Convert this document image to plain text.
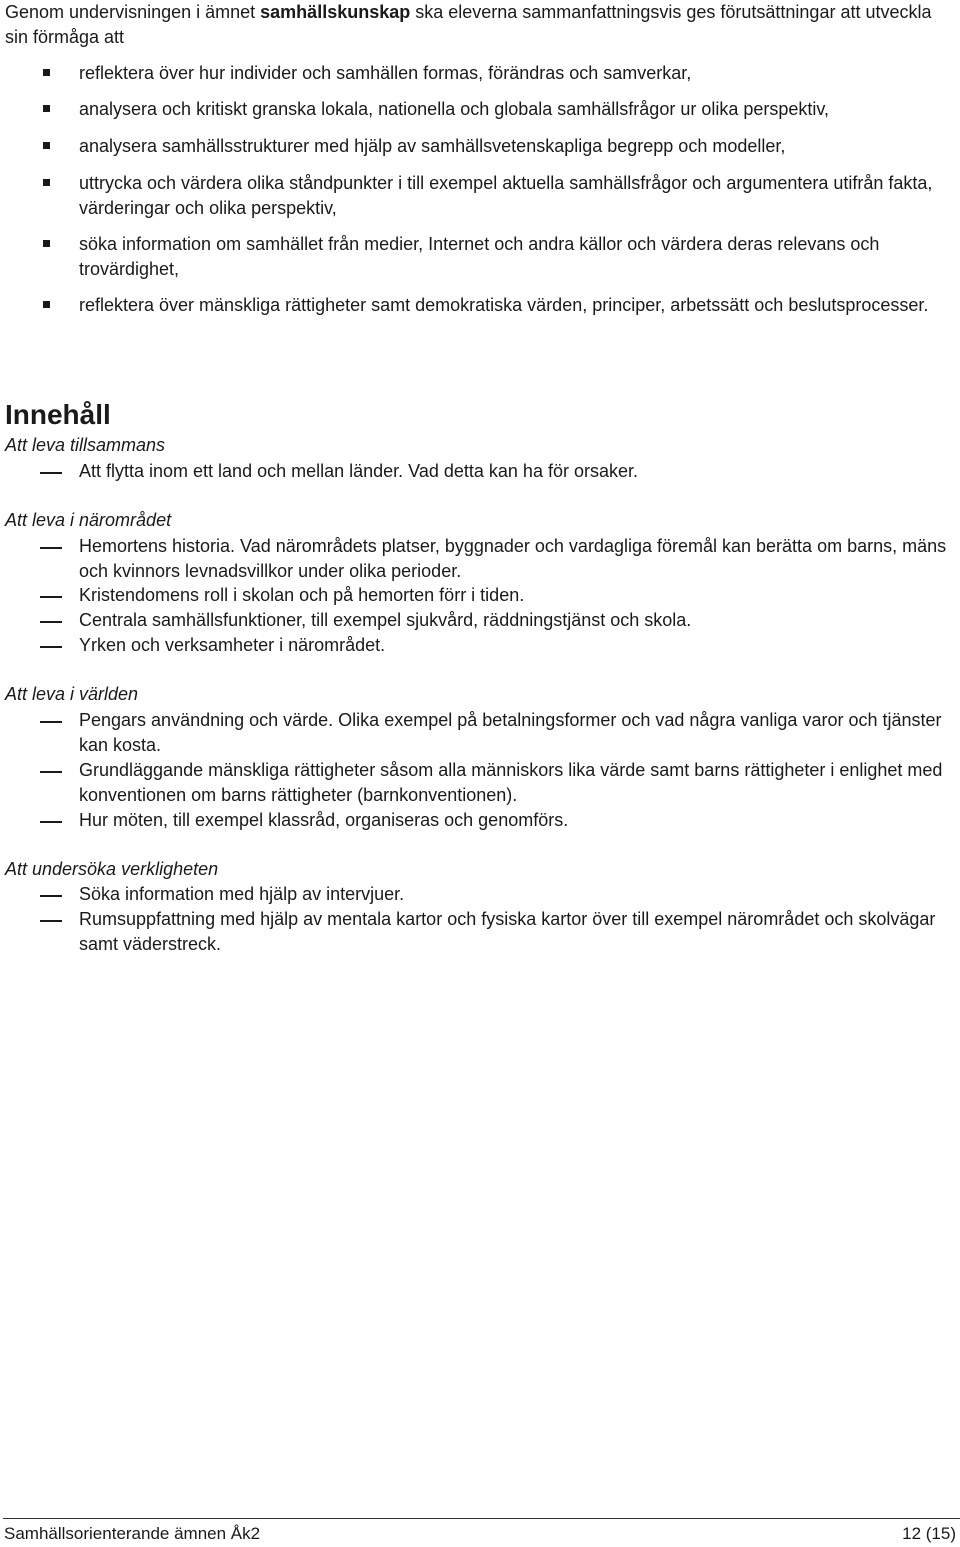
Genom undervisningen i ämnet samhällskunskap ska eleverna sammanfattningsvis ges förutsättningar att utveckla sin förmåga att
reflektera över hur individer och samhällen formas, förändras och samverkar,
analysera och kritiskt granska lokala, nationella och globala samhällsfrågor ur olika perspektiv,
analysera samhällsstrukturer med hjälp av samhällsvetenskapliga begrepp och modeller,
uttrycka och värdera olika ståndpunkter i till exempel aktuella samhällsfrågor och argumentera utifrån fakta, värderingar och olika perspektiv,
söka information om samhället från medier, Internet och andra källor och värdera deras relevans och trovärdighet,
reflektera över mänskliga rättigheter samt demokratiska värden, principer, arbetssätt och beslutsprocesser.
Innehåll
Att leva tillsammans
Att flytta inom ett land och mellan länder. Vad detta kan ha för orsaker.
Att leva i närområdet
Hemortens historia. Vad närområdets platser, byggnader och vardagliga föremål kan berätta om barns, mäns och kvinnors levnadsvillkor under olika perioder.
Kristendomens roll i skolan och på hemorten förr i tiden.
Centrala samhällsfunktioner, till exempel sjukvård, räddningstjänst och skola.
Yrken och verksamheter i närområdet.
Att leva i världen
Pengars användning och värde. Olika exempel på betalningsformer och vad några vanliga varor och tjänster kan kosta.
Grundläggande mänskliga rättigheter såsom alla människors lika värde samt barns rättigheter i enlighet med konventionen om barns rättigheter (barnkonventionen).
Hur möten, till exempel klassråd, organiseras och genomförs.
Att undersöka verkligheten
Söka information med hjälp av intervjuer.
Rumsuppfattning med hjälp av mentala kartor och fysiska kartor över till exempel närområdet och skolvägar samt väderstreck.
Samhällsorienterande ämnen Åk2	12 (15)
